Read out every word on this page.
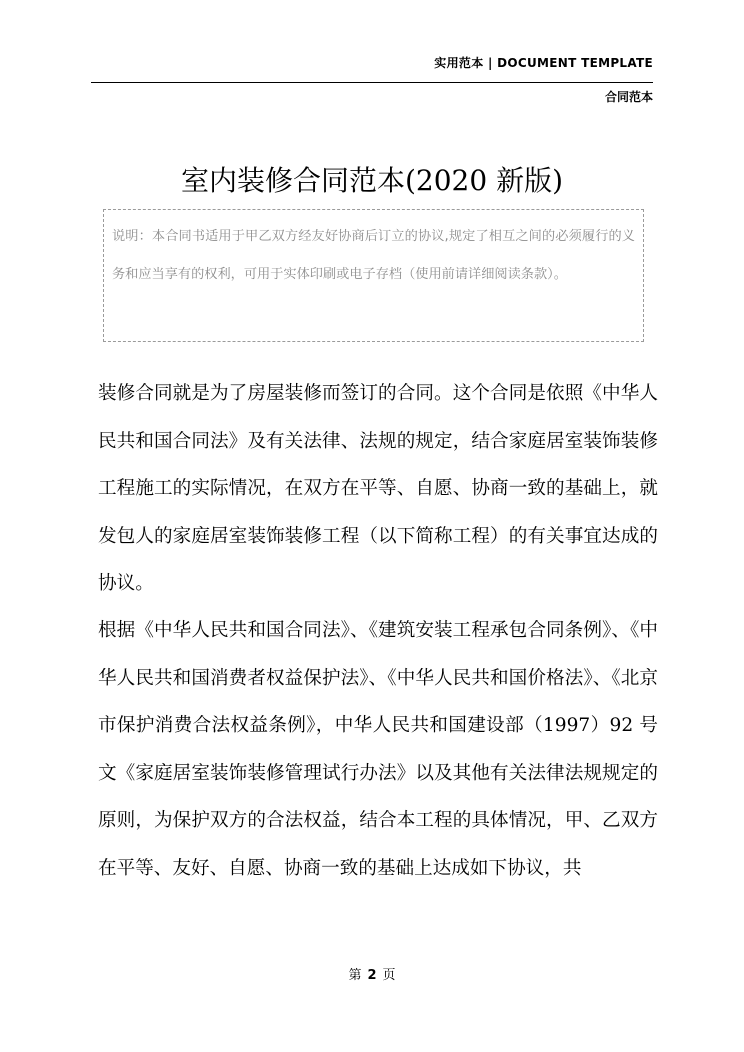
实用范本 | DOCUMENT TEMPLATE
合同范本
室内装修合同范本(2020 新版)

说明：本合同书适用于甲乙双方经友好协商后订立的协议,规定了相互之间的必须履行的义务和应当享有的权利，可用于实体印刷或电子存档（使用前请详细阅读条款）。

装修合同就是为了房屋装修而签订的合同。这个合同是依照《中华人民共和国合同法》及有关法律、法规的规定，结合家庭居室装饰装修工程施工的实际情况，在双方在平等、自愿、协商一致的基础上，就发包人的家庭居室装饰装修工程（以下简称工程）的有关事宜达成的协议。

根据《中华人民共和国合同法》、《建筑安装工程承包合同条例》、《中华人民共和国消费者权益保护法》、《中华人民共和国价格法》、《北京市保护消费合法权益条例》，中华人民共和国建设部（1997）92 号文《家庭居室装饰装修管理试行办法》以及其他有关法律法规规定的原则，为保护双方的合法权益，结合本工程的具体情况，甲、乙双方在平等、友好、自愿、协商一致的基础上达成如下协议，共

第 2 页
